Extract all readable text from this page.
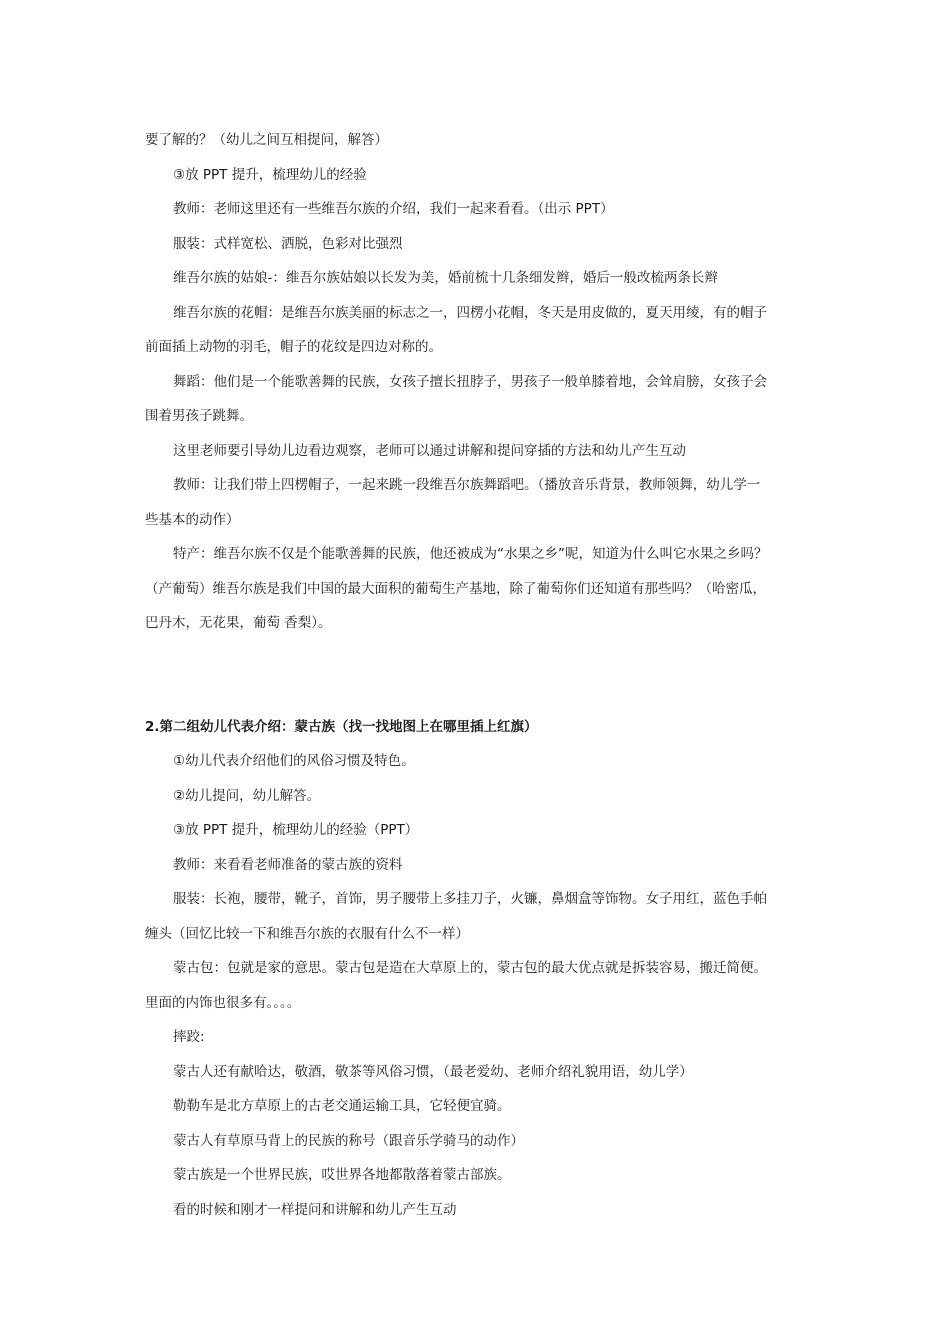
要了解的？（幼儿之间互相提问，解答）
③放 PPT 提升，梳理幼儿的经验
教师：老师这里还有一些维吾尔族的介绍，我们一起来看看。（出示 PPT）
服装：式样宽松、洒脱，色彩对比强烈
维吾尔族的姑娘-：维吾尔族姑娘以长发为美，婚前梳十几条细发辫，婚后一般改梳两条长辫
维吾尔族的花帽：是维吾尔族美丽的标志之一，四楞小花帽，冬天是用皮做的，夏天用绫，有的帽子
前面插上动物的羽毛，帽子的花纹是四边对称的。
舞蹈：他们是一个能歌善舞的民族，女孩子擅长扭脖子，男孩子一般单膝着地，会耸肩膀，女孩子会
围着男孩子跳舞。
这里老师要引导幼儿边看边观察，老师可以通过讲解和提问穿插的方法和幼儿产生互动
教师：让我们带上四楞帽子，一起来跳一段维吾尔族舞蹈吧。（播放音乐背景，教师领舞，幼儿学一
些基本的动作）
特产：维吾尔族不仅是个能歌善舞的民族，他还被成为“水果之乡”呢，知道为什么叫它水果之乡吗？
（产葡萄）维吾尔族是我们中国的最大面积的葡萄生产基地，除了葡萄你们还知道有那些吗？（哈密瓜，
巴丹木，无花果，葡萄 香梨）。
2.第二组幼儿代表介绍：蒙古族（找一找地图上在哪里插上红旗）
①幼儿代表介绍他们的风俗习惯及特色。
②幼儿提问，幼儿解答。
③放 PPT 提升，梳理幼儿的经验（PPT）
教师：来看看老师准备的蒙古族的资料
服装：长袍，腰带，靴子，首饰，男子腰带上多挂刀子，火镰，鼻烟盒等饰物。女子用红，蓝色手帕
缠头（回忆比较一下和维吾尔族的衣服有什么不一样）
蒙古包：包就是家的意思。蒙古包是造在大草原上的，蒙古包的最大优点就是拆装容易，搬迁简便。
里面的内饰也很多有。。。。
摔跤:
蒙古人还有献哈达，敬酒，敬茶等风俗习惯，（最老爱幼、老师介绍礼貌用语，幼儿学）
勒勒车是北方草原上的古老交通运输工具，它轻便宜骑。
蒙古人有草原马背上的民族的称号（跟音乐学骑马的动作）
蒙古族是一个世界民族，哎世界各地都散落着蒙古部族。
看的时候和刚才一样提问和讲解和幼儿产生互动
